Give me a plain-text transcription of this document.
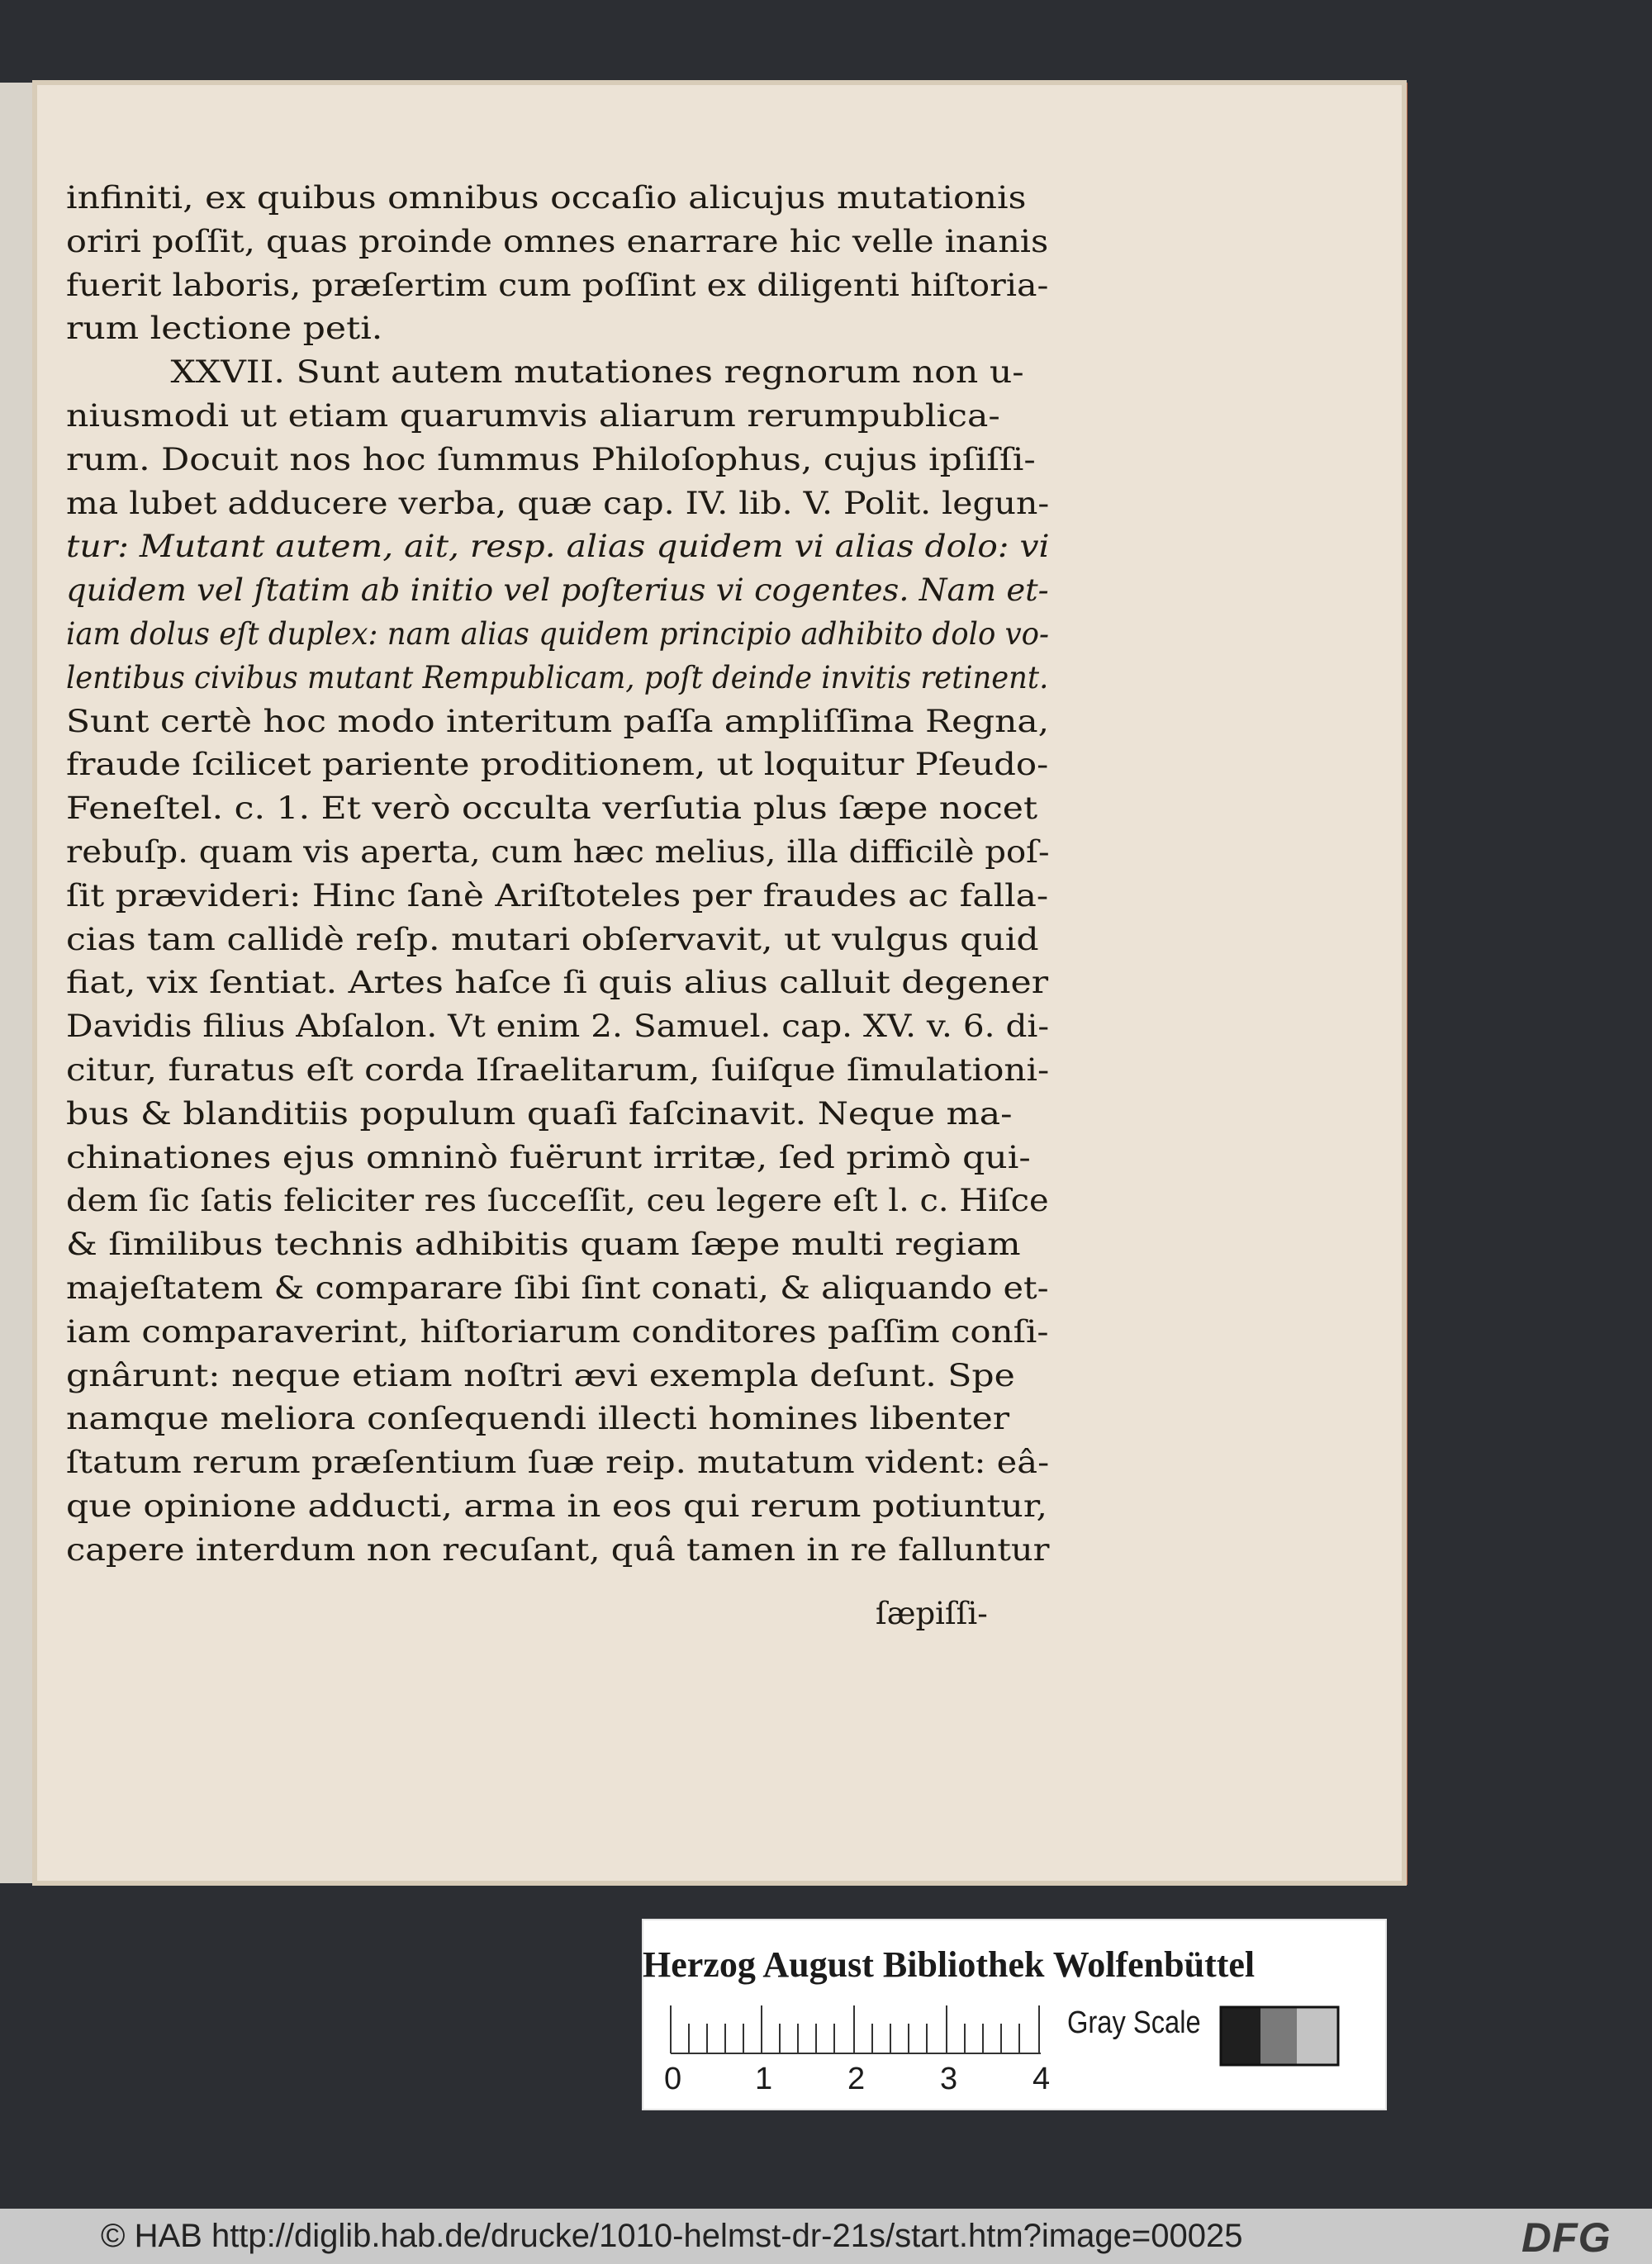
infiniti, ex quibus omnibus occaſio alicujus mutationis
oriri poſſit, quas proinde omnes enarrare hic velle inanis
fuerit laboris, præſertim cum poſſint ex diligenti hiſtoria-
rum lectione peti.
XXVII. Sunt autem mutationes regnorum non u-
niusmodi ut etiam quarumvis aliarum rerumpublica-
rum. Docuit nos hoc ſummus Philoſophus, cujus ipſiſſi-
ma lubet adducere verba, quæ cap. IV. lib. V. Polit. legun-
tur: Mutant autem, ait, resp. alias quidem vi alias dolo: vi
quidem vel ſtatim ab initio vel poſterius vi cogentes. Nam et-
iam dolus eſt duplex: nam alias quidem principio adhibito dolo vo-
lentibus civibus mutant Rempublicam, poſt deinde invitis retinent.
Sunt certè hoc modo interitum paſſa ampliſſima Regna,
fraude ſcilicet pariente proditionem, ut loquitur Pſeudo-
Feneſtel. c. 1. Et verò occulta verſutia plus ſæpe nocet
rebuſp. quam vis aperta, cum hæc melius, illa difficilè poſ-
ſit prævideri: Hinc ſanè Ariſtoteles per fraudes ac falla-
cias tam callidè reſp. mutari obſervavit, ut vulgus quid
fiat, vix ſentiat. Artes haſce ſi quis alius calluit degener
Davidis filius Abſalon. Vt enim 2. Samuel. cap. XV. v. 6. di-
citur, furatus eſt corda Iſraelitarum, ſuiſque ſimulationi-
bus & blanditiis populum quaſi faſcinavit. Neque ma-
chinationes ejus omninò fuërunt irritæ, ſed primò qui-
dem ſic ſatis feliciter res ſucceſſit, ceu legere eſt l. c. Hiſce
& ſimilibus technis adhibitis quam ſæpe multi regiam
majeſtatem & comparare ſibi ſint conati, & aliquando et-
iam comparaverint, hiſtoriarum conditores paſſim conſi-
gnârunt: neque etiam noſtri ævi exempla deſunt. Spe
namque meliora conſequendi illecti homines libenter
ſtatum rerum præſentium ſuæ reip. mutatum vident: eâ-
que opinione adducti, arma in eos qui rerum potiuntur,
capere interdum non recuſant, quâ tamen in re falluntur
ſæpiſſi-
Herzog August Bibliothek Wolfenbüttel
Gray Scale
0 1 2 3 4
© HAB http://diglib.hab.de/drucke/1010-helmst-dr-21s/start.htm?image=00025	DFG
